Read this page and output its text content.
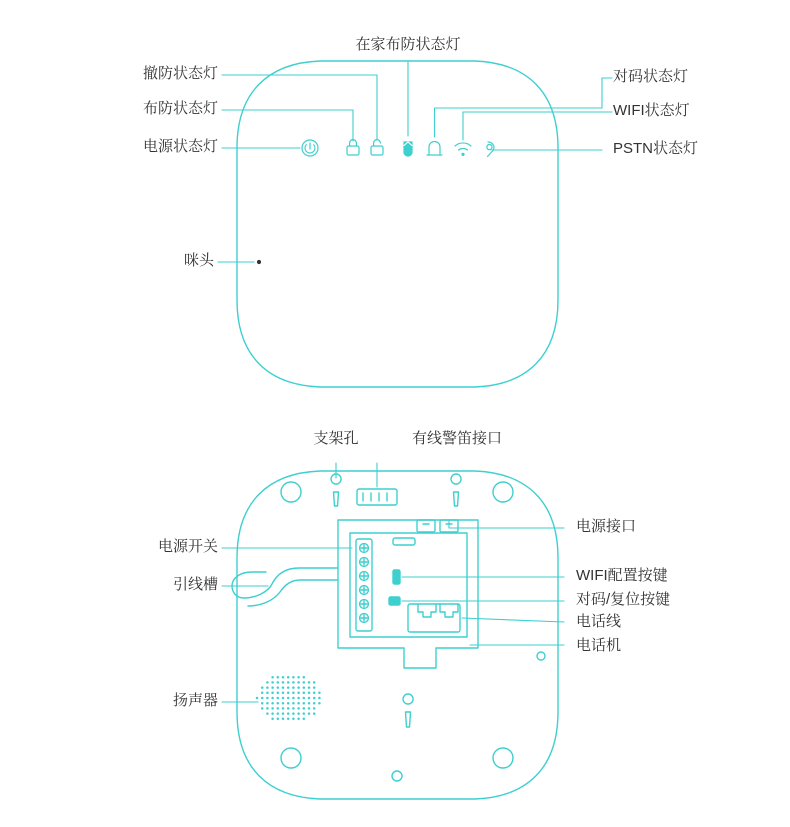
在家布防状态灯
对码状态灯
WIFI状态灯
PSTN状态灯
撤防状态灯
布防状态灯
电源状态灯
咪头
支架孔	有线警笛接口
电源接口
WIFI配置按键
对码/复位按键
电话线
电话机
电源开关
引线槽
扬声器
